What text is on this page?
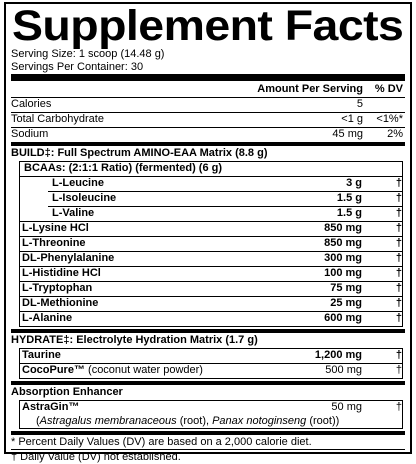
Supplement Facts
Serving Size: 1 scoop (14.48 g)
Servings Per Container: 30
Amount Per Serving % DV
Calories	5
Total Carbohydrate	<1 g <1%*
Sodium	45 mg 2%
BUILD‡: Full Spectrum AMINO-EAA Matrix (8.8 g)
BCAAs: (2:1:1 Ratio) (fermented) (6 g)
L-Leucine	3 g	†
L-Isoleucine	1.5 g	†
L-Valine	1.5 g	†
L-Lysine HCl	850 mg	†
L-Threonine	850 mg	†
DL-Phenylalanine	300 mg	†
L-Histidine HCl	100 mg	†
L-Tryptophan	75 mg	†
DL-Methionine	25 mg	†
L-Alanine	600 mg	†
HYDRATE‡: Electrolyte Hydration Matrix (1.7 g)
Taurine	1,200 mg	†
CocoPure™ (coconut water powder)	500 mg	†
Absorption Enhancer
AstraGin™	50 mg	†
(Astragalus membranaceous (root), Panax notoginseng (root))
* Percent Daily Values (DV) are based on a 2,000 calorie diet.
† Daily Value (DV) not established.
